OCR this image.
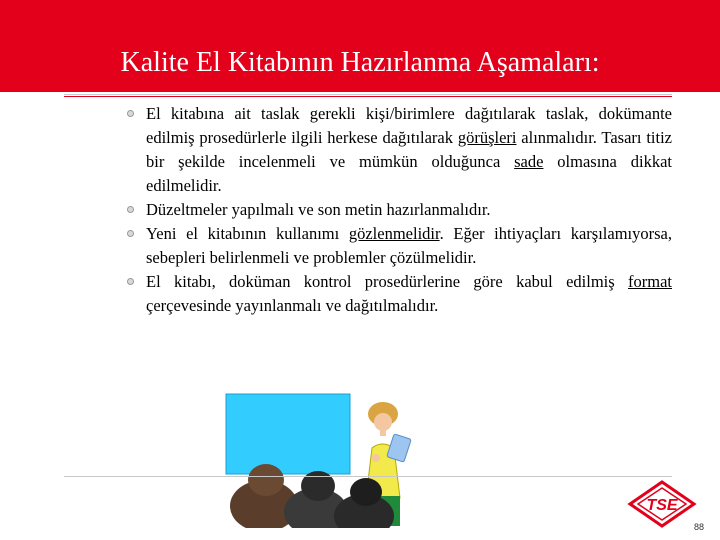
Kalite El Kitabının Hazırlanma Aşamaları:
El kitabına ait taslak gerekli kişi/birimlere dağıtılarak taslak, dokümante edilmiş prosedürlerle ilgili herkese dağıtılarak görüşleri alınmalıdır. Tasarı titiz bir şekilde incelenmeli ve mümkün olduğunca sade olmasına dikkat edilmelidir.
Düzeltmeler yapılmalı ve son metin hazırlanmalıdır.
Yeni el kitabının kullanımı gözlenmelidir. Eğer ihtiyaçları karşılamıyorsa, sebepleri belirlenmeli ve problemler çözülmelidir.
El kitabı, doküman kontrol prosedürlerine göre kabul edilmiş format çerçevesinde yayınlanmalı ve dağıtılmalıdır.
TSE
88
